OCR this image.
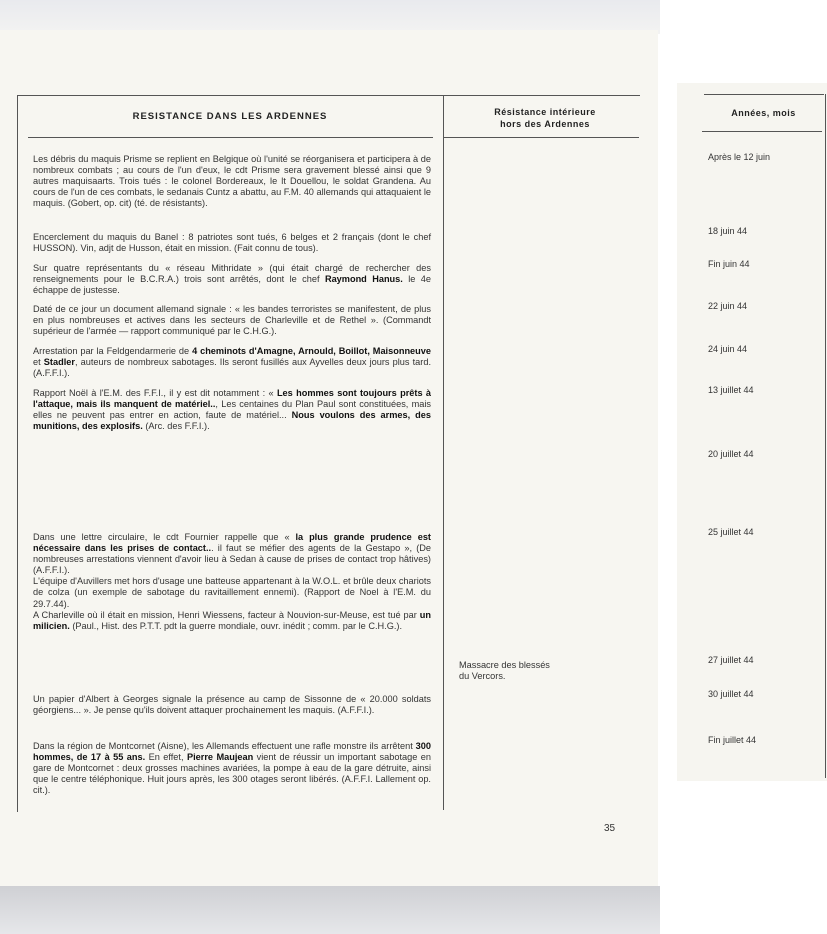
RESISTANCE DANS LES ARDENNES	Résistance intérieure
hors des Ardennes
Années, mois

Les débris du maquis Prisme se replient en Belgique où l'unité se réorganisera et participera à de nombreux combats ; au cours de l'un d'eux, le cdt Prisme sera gravement blessé ainsi que 9 autres maquisaarts. Trois tués : le colonel Bordereaux, le lt Douellou, le soldat Grandena. Au cours de l'un de ces combats, le sedanais Cuntz a abattu, au F.M. 40 allemands qui attaquaient le maquis. (Gobert, op. cit) (té. de résistants).

Encerclement du maquis du Banel : 8 patriotes sont tués, 6 belges et 2 français (dont le chef HUSSON). Vin, adjt de Husson, était en mission. (Fait connu de tous).

Sur quatre représentants du « réseau Mithridate » (qui était chargé de rechercher des renseignements pour le B.C.R.A.) trois sont arrêtés, dont le chef Raymond Hanus. le 4e échappe de justesse.

Daté de ce jour un document allemand signale : « les bandes terroristes se manifestent, de plus en plus nombreuses et actives dans les secteurs de Charleville et de Rethel ». (Commandt supérieur de l'armée — rapport communiqué par le C.H.G.).

Arrestation par la Feldgendarmerie de 4 cheminots d'Amagne, Arnould, Boillot, Maisonneuve et Stadler, auteurs de nombreux sabotages. Ils seront fusillés aux Ayvelles deux jours plus tard. (A.F.F.I.).

Rapport Noël à l'E.M. des F.F.I., il y est dit notamment : « Les hommes sont toujours prêts à l'attaque, mais ils manquent de matériel.., Les centaines du Plan Paul sont constituées, mais elles ne peuvent pas entrer en action, faute de matériel... Nous voulons des armes, des munitions, des explosifs. (Arc. des F.F.I.).

Dans une lettre circulaire, le cdt Fournier rappelle que « la plus grande prudence est nécessaire dans les prises de contact... il faut se méfier des agents de la Gestapo », (De nombreuses arrestations viennent d'avoir lieu à Sedan à cause de prises de contact trop hâtives) (A.F.F.I.).

L'équipe d'Auvillers met hors d'usage une batteuse appartenant à la W.O.L. et brûle deux chariots de colza (un exemple de sabotage du ravitaillement ennemi). (Rapport de Noel à l'E.M. du 29.7.44).

A Charleville où il était en mission, Henri Wiessens, facteur à Nouvion-sur-Meuse, est tué par un milicien. (Paul., Hist. des P.T.T. pdt la guerre mondiale, ouvr. inédit ; comm. par le C.H.G.).

Un papier d'Albert à Georges signale la présence au camp de Sissonne de « 20.000 soldats géorgiens... ». Je pense qu'ils doivent attaquer prochainement les maquis. (A.F.F.I.).

Dans la région de Montcornet (Aisne), les Allemands effectuent une rafle monstre ils arrêtent 300 hommes, de 17 à 55 ans. En effet, Pierre Maujean vient de réussir un important sabotage en gare de Montcornet : deux grosses machines avariées, la pompe à eau de la gare détruite, ainsi que le centre téléphonique. Huit jours après, les 300 otages seront libérés. (A.F.F.I. Lallement op. cit.).

Massacre des blessés
du Vercors.
Après le 12 juin
18 juin 44
Fin juin 44
22 juin 44
24 juin 44
13 juillet 44
20 juillet 44
25 juillet 44
27 juillet 44
30 juillet 44
Fin juillet 44
35
